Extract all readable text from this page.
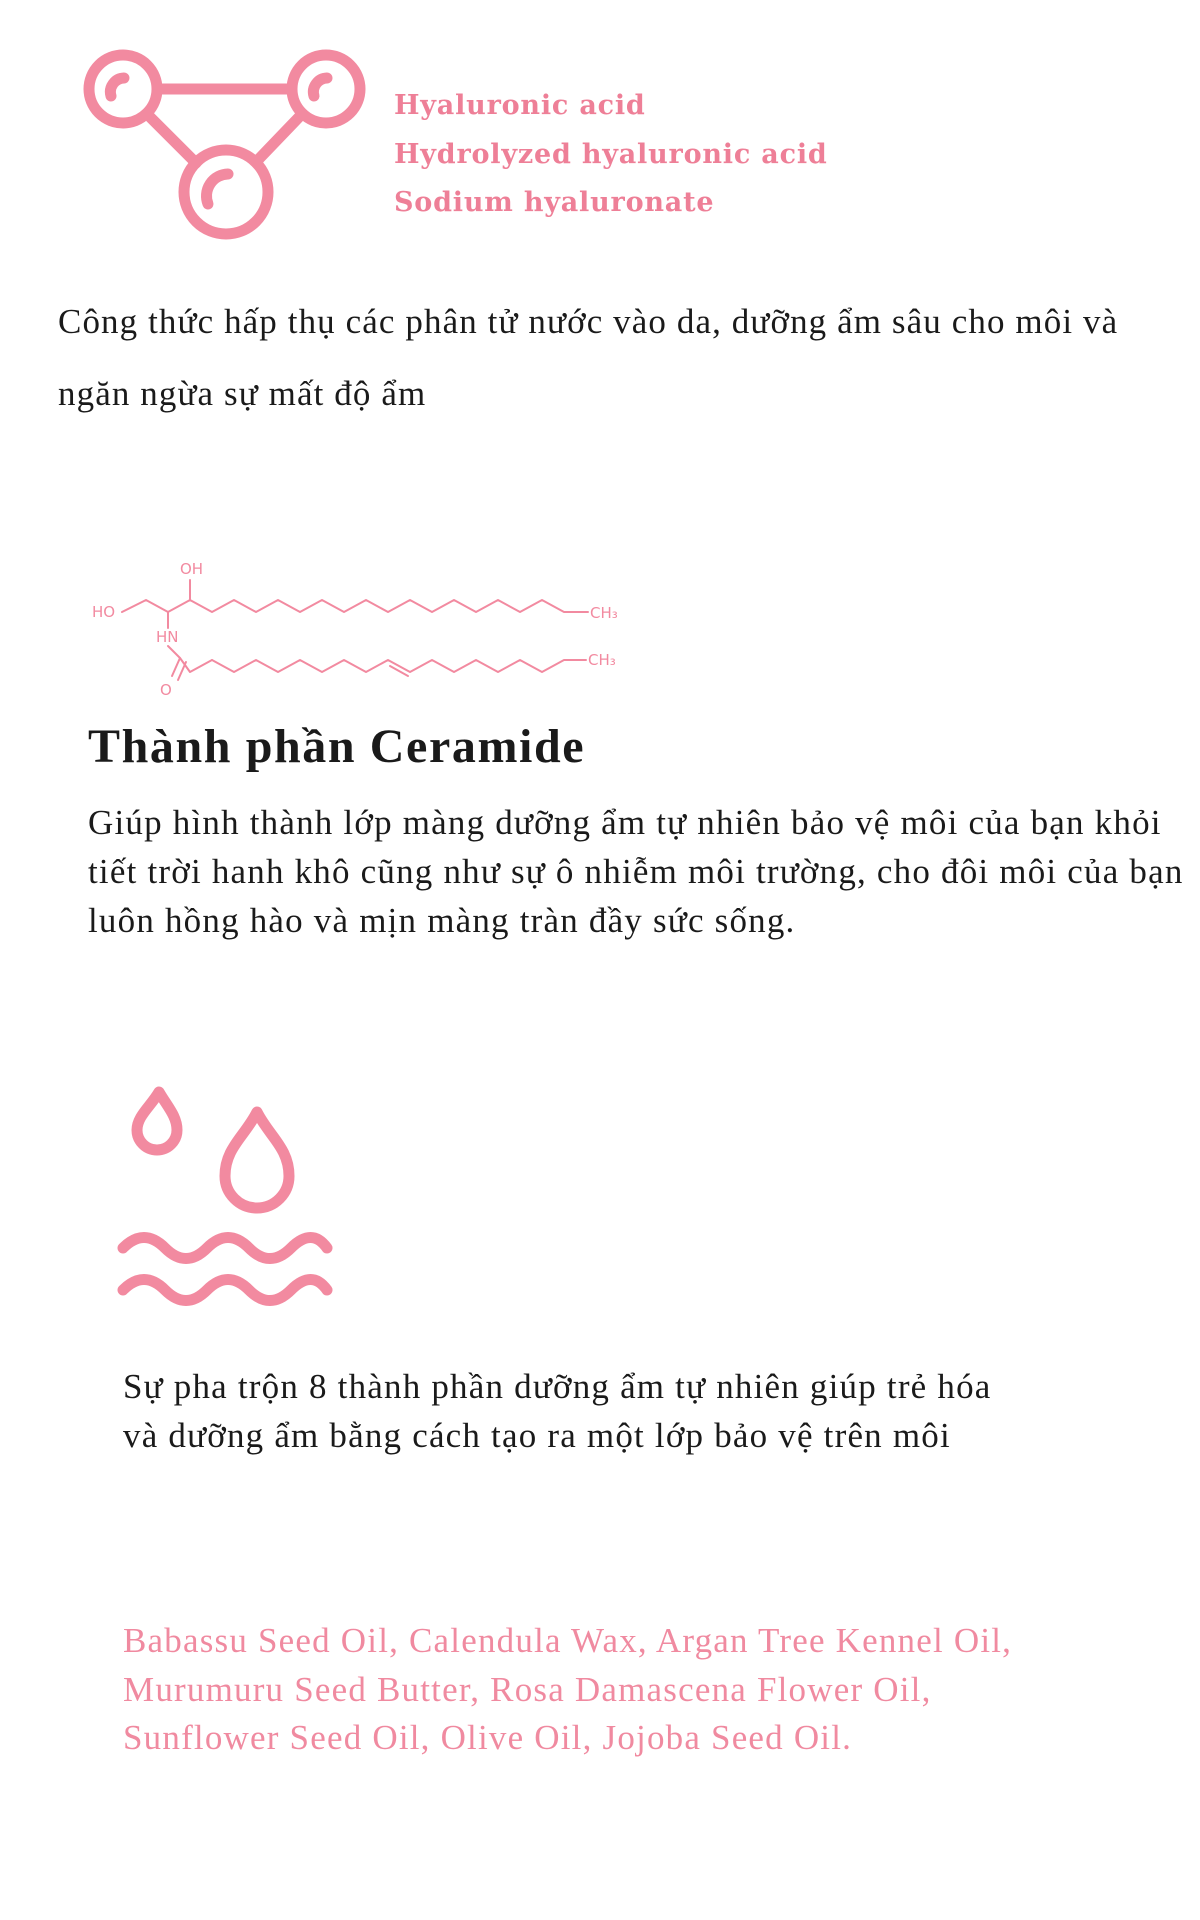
Hyaluronic acid
Hydrolyzed hyaluronic acid
Sodium hyaluronate

Công thức hấp thụ các phân tử nước vào da, dưỡng ẩm sâu cho môi và ngăn ngừa sự mất độ ẩm

OH
HO
HN
O
CH₃
CH₃
Thành phần Ceramide

Giúp hình thành lớp màng dưỡng ẩm tự nhiên bảo vệ môi của bạn khỏi tiết trời hanh khô cũng như sự ô nhiễm môi trường, cho đôi môi của bạn luôn hồng hào và mịn màng tràn đầy sức sống.

Sự pha trộn 8 thành phần dưỡng ẩm tự nhiên giúp trẻ hóa
và dưỡng ẩm bằng cách tạo ra một lớp bảo vệ trên môi

Babassu Seed Oil, Calendula Wax, Argan Tree Kennel Oil,
Murumuru Seed Butter, Rosa Damascena Flower Oil,
Sunflower Seed Oil, Olive Oil, Jojoba Seed Oil.
